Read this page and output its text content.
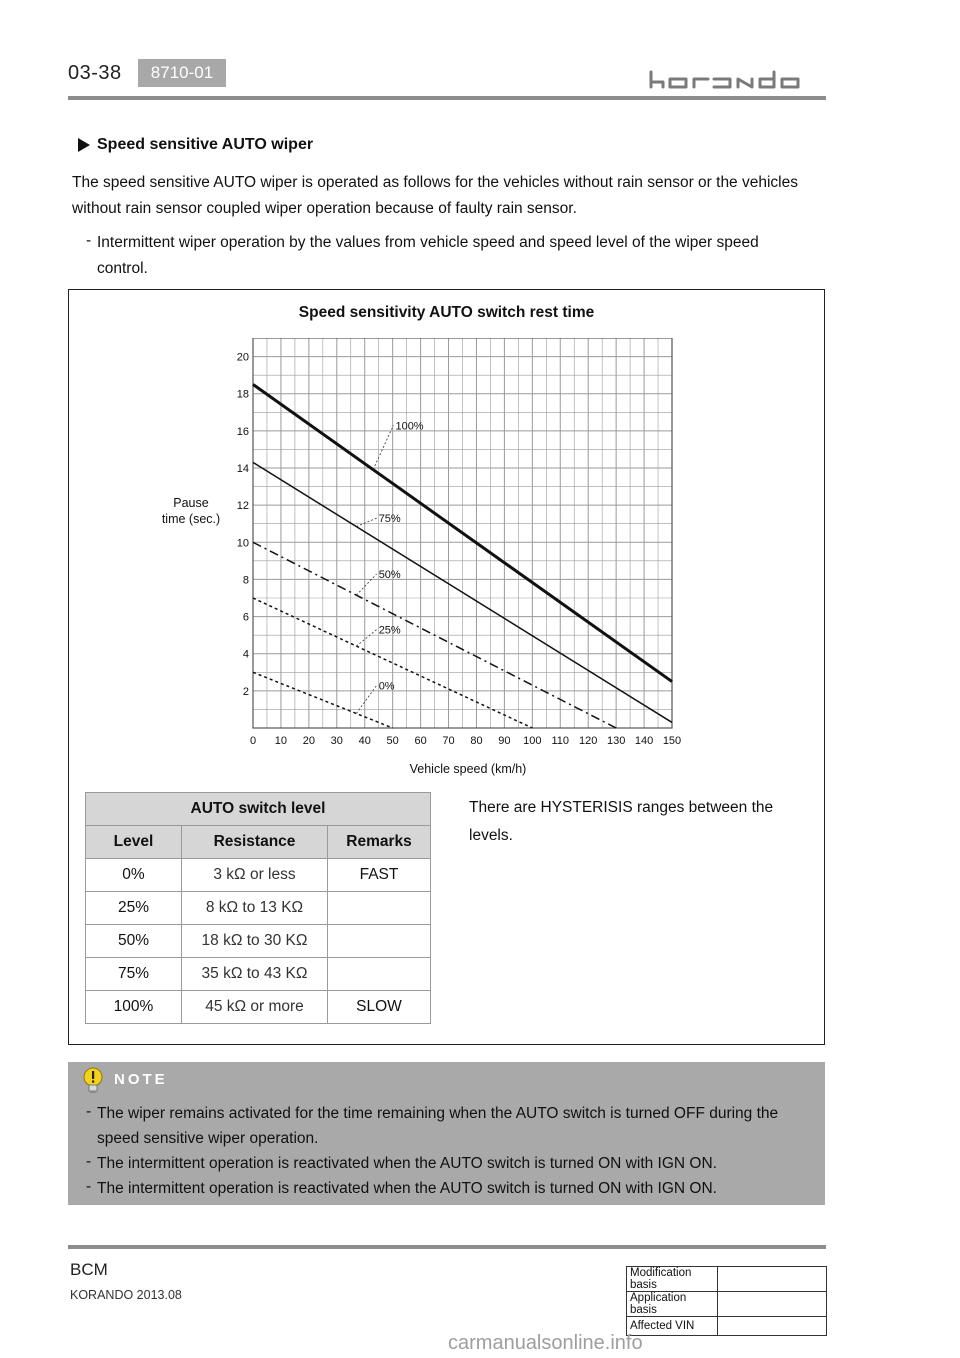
03-38	8710-01
Speed sensitive AUTO wiper
The speed sensitive AUTO wiper is operated as follows for the vehicles without rain sensor or the vehicles without rain sensor coupled wiper operation because of faulty rain sensor.
- Intermittent wiper operation by the values from vehicle speed and speed level of the wiper speed control.
Speed sensitivity AUTO switch rest time
Pause
time (sec.)
0 10 20 30 40 50 60 70 80 90 100 110 120 130 140 150
2
4
6
8
10
12
14
16
18
20
100%
75%
50%
25%
0%
Vehicle speed (km/h)
AUTO switch level		
Level	Resistance	Remarks
0%	3 kΩ or less	FAST
25%	8 kΩ to 13 KΩ	
50%	18 kΩ to 30 KΩ	
75%	35 kΩ to 43 KΩ	
100%	45 kΩ or more	SLOW
There are HYSTERISIS ranges between the levels.
NOTE
- The wiper remains activated for the time remaining when the AUTO switch is turned OFF during the speed sensitive wiper operation.
- The intermittent operation is reactivated when the AUTO switch is turned ON with IGN ON.
- The intermittent operation is reactivated when the AUTO switch is turned ON with IGN ON.
BCM
KORANDO 2013.08
Modification basis	
Application basis	
Affected VIN	
carmanualsonline.info
